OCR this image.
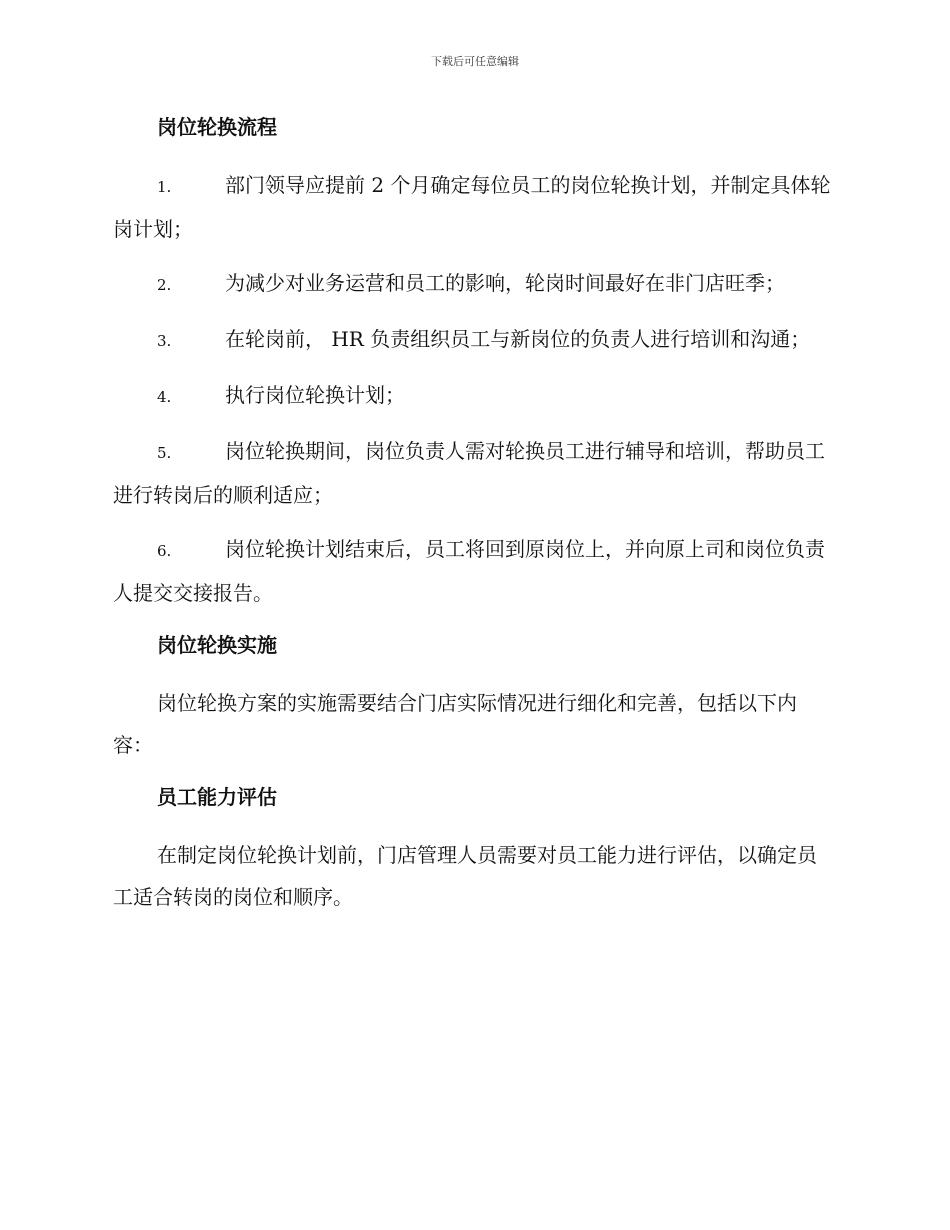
下载后可任意编辑
岗位轮换流程
1.	部门领导应提前 2 个月确定每位员工的岗位轮换计划，并制定具体轮岗计划；
2.	为减少对业务运营和员工的影响，轮岗时间最好在非门店旺季；
3.	在轮岗前， HR 负责组织员工与新岗位的负责人进行培训和沟通；
4.	执行岗位轮换计划；
5.	岗位轮换期间，岗位负责人需对轮换员工进行辅导和培训，帮助员工进行转岗后的顺利适应；
6.	岗位轮换计划结束后，员工将回到原岗位上，并向原上司和岗位负责人提交交接报告。
岗位轮换实施
岗位轮换方案的实施需要结合门店实际情况进行细化和完善，包括以下内容：
员工能力评估
在制定岗位轮换计划前，门店管理人员需要对员工能力进行评估，以确定员工适合转岗的岗位和顺序。
